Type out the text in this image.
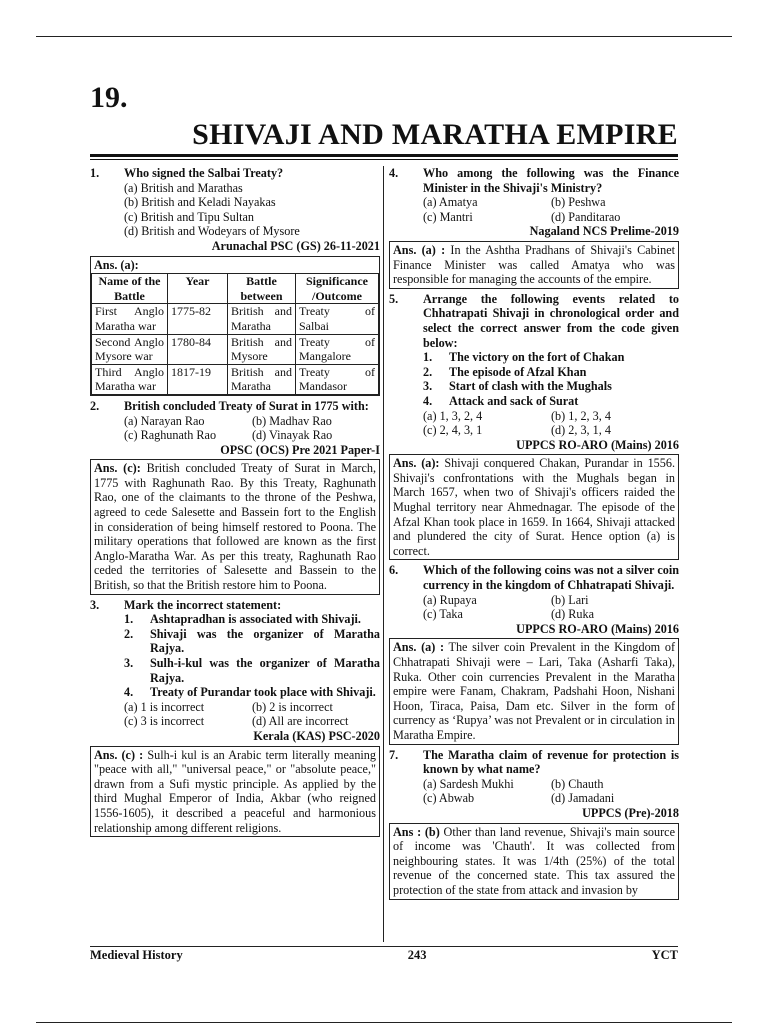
19.
SHIVAJI AND MARATHA EMPIRE
1.	Who signed the Salbai Treaty?
(a) British and Marathas
(b) British and Keladi Nayakas
(c) British and Tipu Sultan
(d) British and Wodeyars of Mysore
Arunachal PSC (GS) 26-11-2021
Ans. (a):
Name of the Battle	Year	Battle between	Significance /Outcome
First Anglo Maratha war	1775-82	British and Maratha	Treaty of Salbai
Second Anglo Mysore war	1780-84	British and Mysore	Treaty of Mangalore
Third Anglo Maratha war	1817-19	British and Maratha	Treaty of Mandasor
2.	British concluded Treaty of Surat in 1775 with:
(a) Narayan Rao	(b) Madhav Rao
(c) Raghunath Rao	(d) Vinayak Rao
OPSC (OCS) Pre 2021 Paper-I
Ans. (c): British concluded Treaty of Surat in March, 1775 with Raghunath Rao. By this Treaty, Raghunath Rao, one of the claimants to the throne of the Peshwa, agreed to cede Salesette and Bassein fort to the English in consideration of being himself restored to Poona. The military operations that followed are known as the first Anglo-Maratha War. As per this treaty, Raghunath Rao ceded the territories of Salesette and Bassein to the British, so that the British restore him to Poona.
3.	Mark the incorrect statement:
1.	Ashtapradhan is associated with Shivaji.
2.	Shivaji was the organizer of Maratha Rajya.
3.	Sulh-i-kul was the organizer of Maratha Rajya.
4.	Treaty of Purandar took place with Shivaji.
(a) 1 is incorrect	(b) 2 is incorrect
(c) 3 is incorrect	(d) All are incorrect
Kerala (KAS) PSC-2020
Ans. (c) : Sulh-i kul is an Arabic term literally meaning "peace with all," "universal peace," or "absolute peace," drawn from a Sufi mystic principle. As applied by the third Mughal Emperor of India, Akbar (who reigned 1556-1605), it described a peaceful and harmonious relationship among different religions.
4.	Who among the following was the Finance Minister in the Shivaji's Ministry?
(a) Amatya	(b) Peshwa
(c) Mantri	(d) Panditarao
Nagaland NCS Prelime-2019
Ans. (a) : In the Ashtha Pradhans of Shivaji's Cabinet Finance Minister was called Amatya who was responsible for managing the accounts of the empire.
5.	Arrange the following events related to Chhatrapati Shivaji in chronological order and select the correct answer from the code given below:
1.	The victory on the fort of Chakan
2.	The episode of Afzal Khan
3.	Start of clash with the Mughals
4.	Attack and sack of Surat
(a) 1, 3, 2, 4	(b) 1, 2, 3, 4
(c) 2, 4, 3, 1	(d) 2, 3, 1, 4
UPPCS RO-ARO (Mains) 2016
Ans. (a): Shivaji conquered Chakan, Purandar in 1556. Shivaji's confrontations with the Mughals began in March 1657, when two of Shivaji's officers raided the Mughal territory near Ahmednagar. The episode of the Afzal Khan took place in 1659. In 1664, Shivaji attacked and plundered the city of Surat. Hence option (a) is correct.
6.	Which of the following coins was not a silver coin currency in the kingdom of Chhatrapati Shivaji.
(a) Rupaya	(b) Lari
(c) Taka	(d) Ruka
UPPCS RO-ARO (Mains) 2016
Ans. (a) : The silver coin Prevalent in the Kingdom of Chhatrapati Shivaji were – Lari, Taka (Asharfi Taka), Ruka. Other coin currencies Prevalent in the Maratha empire were Fanam, Chakram, Padshahi Hoon, Nishani Hoon, Tiraca, Paisa, Dam etc. Silver in the form of currency as ‘Rupya’ was not Prevalent or in circulation in Maratha Empire.
7.	The Maratha claim of revenue for protection is known by what name?
(a) Sardesh Mukhi	(b) Chauth
(c) Abwab	(d) Jamadani
UPPCS (Pre)-2018
Ans : (b) Other than land revenue, Shivaji's main source of income was 'Chauth'. It was collected from neighbouring states. It was 1/4th (25%) of the total revenue of the concerned state. This tax assured the protection of the state from attack and invasion by
Medieval History	243	YCT
